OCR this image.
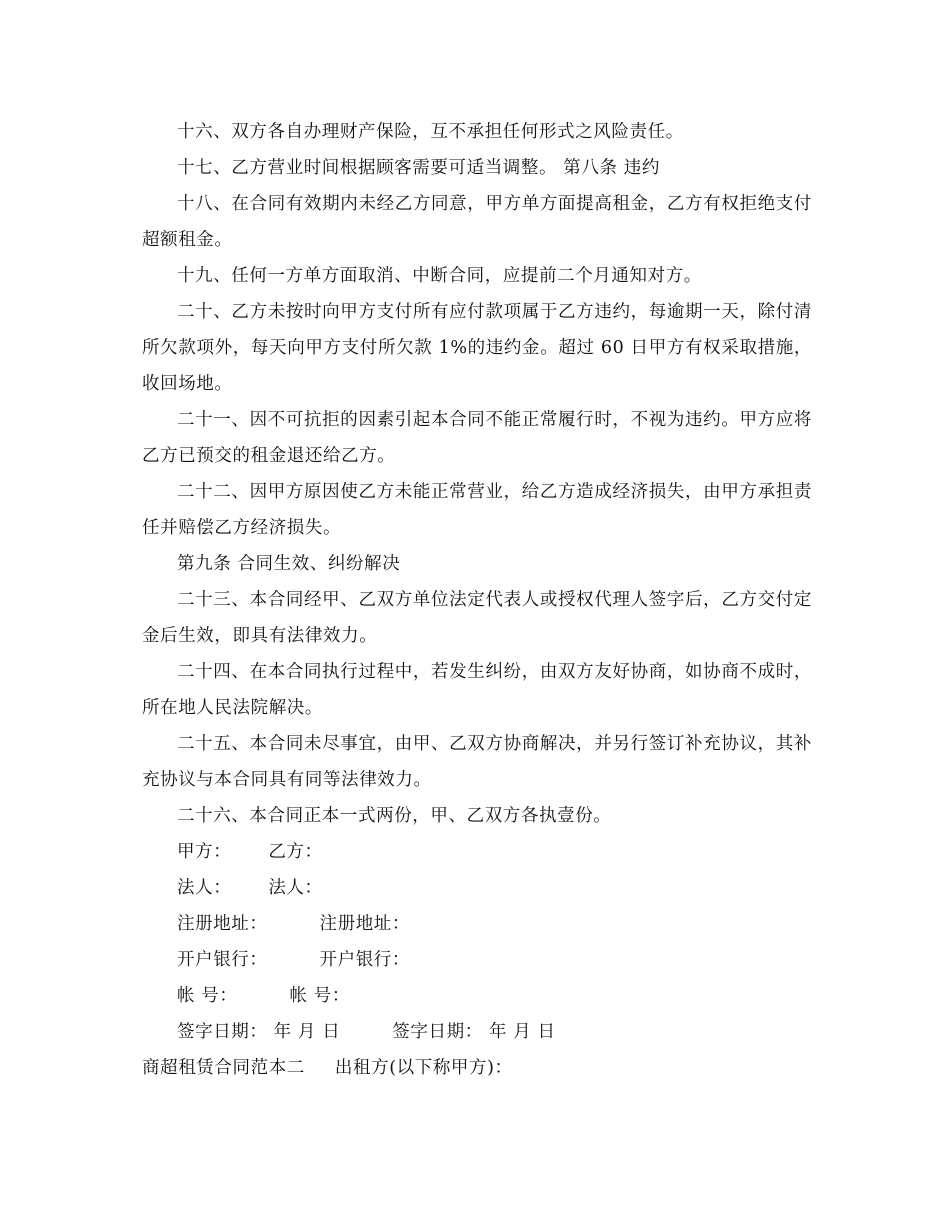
十六、双方各自办理财产保险，互不承担任何形式之风险责任。

十七、乙方营业时间根据顾客需要可适当调整。 第八条 违约

十八、在合同有效期内未经乙方同意，甲方单方面提高租金，乙方有权拒绝支付超额租金。

十九、任何一方单方面取消、中断合同，应提前二个月通知对方。

二十、乙方未按时向甲方支付所有应付款项属于乙方违约，每逾期一天，除付清所欠款项外，每天向甲方支付所欠款 1%的违约金。超过 60 日甲方有权采取措施，收回场地。

二十一、因不可抗拒的因素引起本合同不能正常履行时，不视为违约。甲方应将乙方已预交的租金退还给乙方。

二十二、因甲方原因使乙方未能正常营业，给乙方造成经济损失，由甲方承担责任并赔偿乙方经济损失。

第九条 合同生效、纠纷解决

二十三、本合同经甲、乙双方单位法定代表人或授权代理人签字后，乙方交付定金后生效，即具有法律效力。

二十四、在本合同执行过程中，若发生纠纷，由双方友好协商，如协商不成时，所在地人民法院解决。

二十五、本合同未尽事宜，由甲、乙双方协商解决，并另行签订补充协议，其补充协议与本合同具有同等法律效力。

二十六、本合同正本一式两份，甲、乙双方各执壹份。

甲方： 乙方：

法人： 法人：

注册地址：	注册地址：

开户银行：	开户银行：

帐 号：	帐 号：

签字日期： 年 月 日	签字日期： 年 月 日

商超租赁合同范本二 出租方(以下称甲方)：
